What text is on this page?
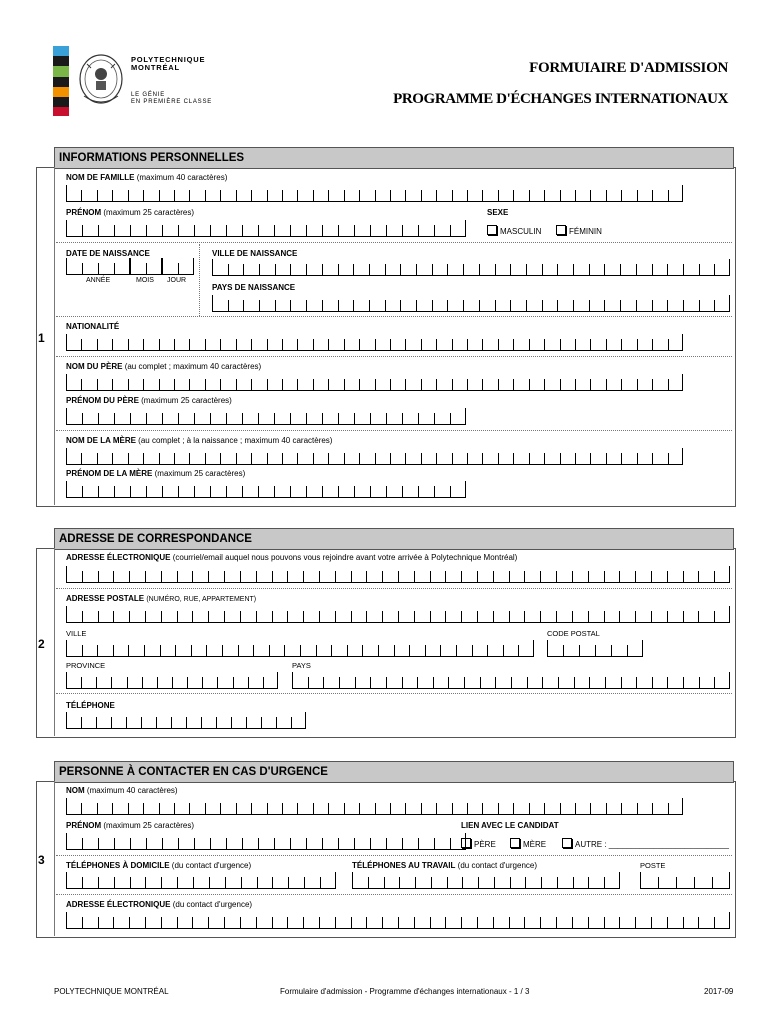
POLYTECHNIQUE
MONTRÉAL
LE GÉNIE
EN PREMIÈRE CLASSE
FORMUIAIRE D'ADMISSION
PROGRAMME D'ÉCHANGES INTERNATIONAUX
INFORMATIONS PERSONNELLES
1
NOM DE FAMILLE (maximum 40 caractères)
PRÉNOM (maximum 25 caractères)	SEXE
MASCULIN	FÉMININ
DATE DE NAISSANCE
ANNÉE	MOIS JOUR
VILLE DE NAISSANCE
PAYS DE NAISSANCE
NATIONALITÉ
NOM DU PÈRE (au complet ; maximum 40 caractères)
PRÉNOM DU PÈRE (maximum 25 caractères)
NOM DE LA MÈRE (au complet ; à la naissance ; maximum 40 caractères)
PRÉNOM DE LA MÈRE (maximum 25 caractères)
ADRESSE DE CORRESPONDANCE
2
ADRESSE ÉLECTRONIQUE (courriel/email auquel nous pouvons vous rejoindre avant votre arrivée à Polytechnique Montréal)
ADRESSE POSTALE (NUMÉRO, RUE, APPARTEMENT)
VILLE	CODE POSTAL
PROVINCE	PAYS
TÉLÉPHONE
PERSONNE À CONTACTER EN CAS D'URGENCE
3
NOM (maximum 40 caractères)
PRÉNOM (maximum 25 caractères)	LIEN AVEC LE CANDIDAT
PÈRE	MÈRE	AUTRE : ___________________________
TÉLÉPHONES À DOMICILE (du contact d'urgence)	TÉLÉPHONES AU TRAVAIL (du contact d'urgence)	POSTE
ADRESSE ÉLECTRONIQUE (du contact d'urgence)
POLYTECHNIQUE MONTRÉAL	Formulaire d'admission - Programme d'échanges internationaux - 1 / 3	2017-09
